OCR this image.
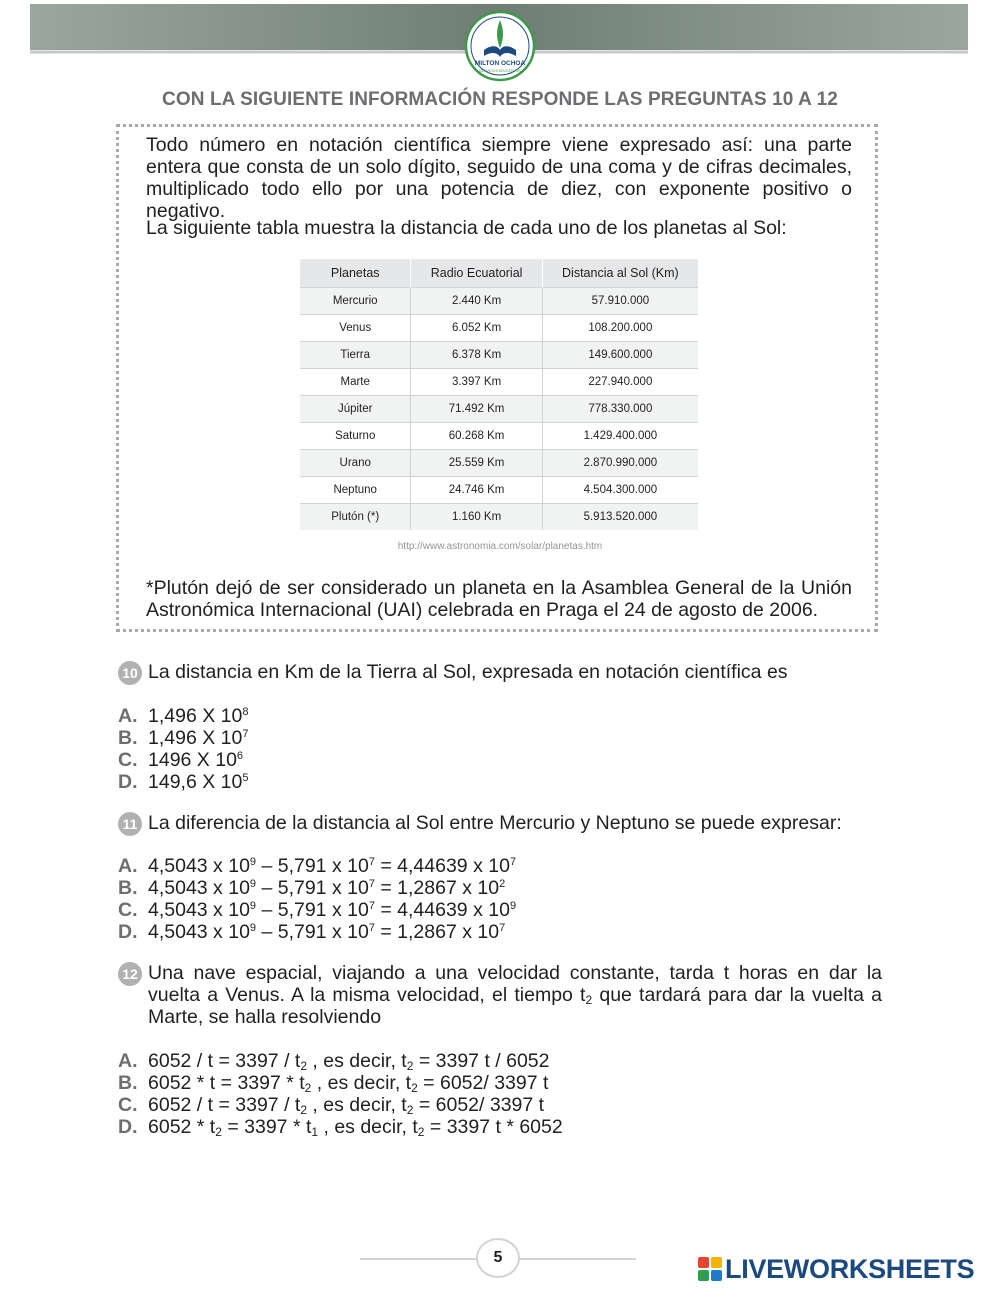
MILTON OCHOA
SERVICIOS EDUCATIVOS
CON LA SIGUIENTE INFORMACIÓN RESPONDE LAS PREGUNTAS 10 A 12

Todo número en notación científica siempre viene expresado así: una parte entera que consta de un solo dígito, seguido de una coma y de cifras decimales, multiplicado todo ello por una potencia de diez, con exponente positivo o negativo.

La siguiente tabla muestra la distancia de cada uno de los planetas al Sol:

Planetas	Radio Ecuatorial	Distancia al Sol (Km)
Mercurio	2.440 Km	57.910.000
Venus	6.052 Km	108.200.000
Tierra	6.378 Km	149.600.000
Marte	3.397 Km	227.940.000
Júpiter	71.492 Km	778.330.000
Saturno	60.268 Km	1.429.400.000
Urano	25.559 Km	2.870.990.000
Neptuno	24.746 Km	4.504.300.000
Plutón (*)	1.160 Km	5.913.520.000
http://www.astronomia.com/solar/planetas.htm

*Plutón dejó de ser considerado un planeta en la Asamblea General de la Unión Astronómica Internacional (UAI) celebrada en Praga el 24 de agosto de 2006.

10 La distancia en Km de la Tierra al Sol, expresada en notación científica es

A. 1,496 X $10^8$
B. 1,496 X $10^7$
C. 1496 X $10^6$
D. 149,6 X $10^5$
11 La diferencia de la distancia al Sol entre Mercurio y Neptuno se puede expresar:

A. 4,5043 x $10^9 - 5,791$ x $10^7 = 4,44639$ x $10^7$
B. 4,5043 x $10^9 - 5,791$ x $10^7 = 1,2867$ x $10^2$
C. 4,5043 x $10^9 - 5,791$ x $10^7 = 4,44639$ x $10^9$
D. 4,5043 x $10^9 - 5,791$ x $10^7 = 1,2867$ x $10^7$
12 Una nave espacial, viajando a una velocidad constante, tarda t horas en dar la vuelta a Venus. A la misma velocidad, el tiempo $t_2$ que tardará para dar la vuelta a Marte, se halla resolviendo

A. $6052 / t = 3397 / t_2$ , es decir, $t_2 = 3397$ t / 6052
B. $6052 * t = 3397 * t_2$ , es decir, $t_2 = 6052/$ 3397 t
C. $6052 / t = 3397 / t_2$ , es decir, $t_2 = 6052/$ 3397 t
D. $6052 * t_2 = 3397 * t_1$ , es decir, $t_2 = 3397$ t * 6052
5	LIVEWORKSHEETS
